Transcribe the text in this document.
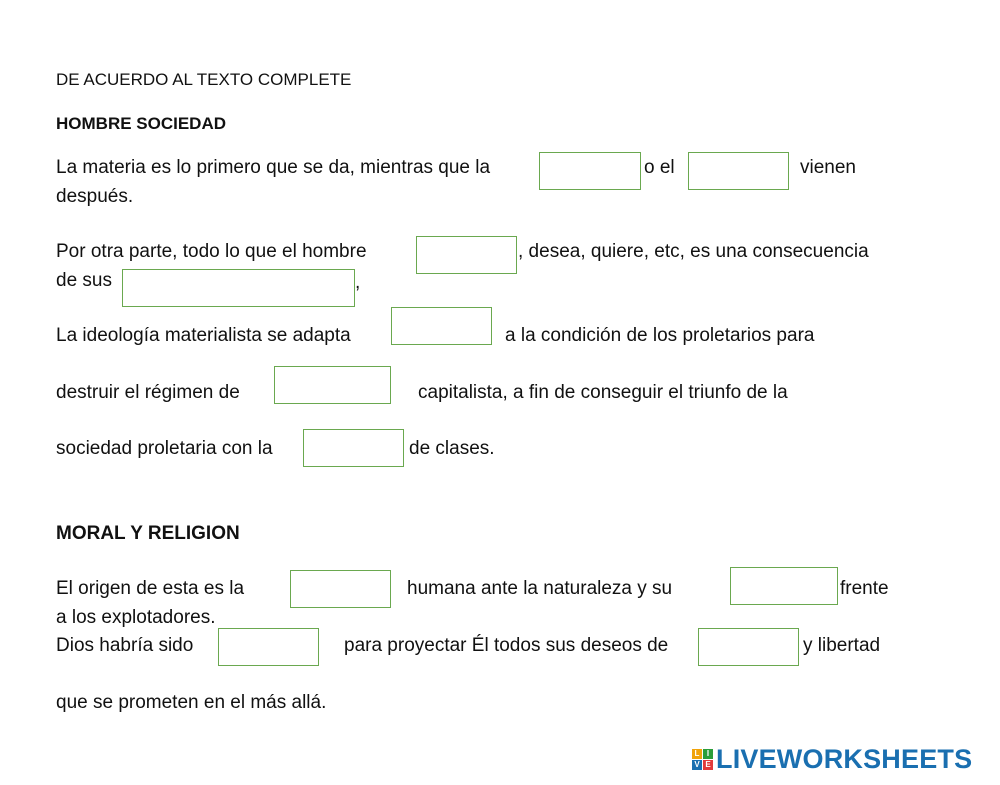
DE ACUERDO AL TEXTO COMPLETE
HOMBRE SOCIEDAD
La materia es lo primero que se da, mientras que la	o el	vienen
después.
Por otra parte, todo lo que el hombre	, desea, quiere, etc, es una consecuencia
de sus	,
La ideología materialista se adapta	a la condición de los proletarios para
destruir el régimen de	capitalista, a fin de conseguir el triunfo de la
sociedad proletaria con la	de clases.
MORAL Y RELIGION
El origen de esta es la	humana ante la naturaleza y su	frente
a los explotadores.
Dios habría sido	para proyectar Él todos sus deseos de	y libertad
que se prometen en el más allá.
L I
V E LIVEWORKSHEETS
